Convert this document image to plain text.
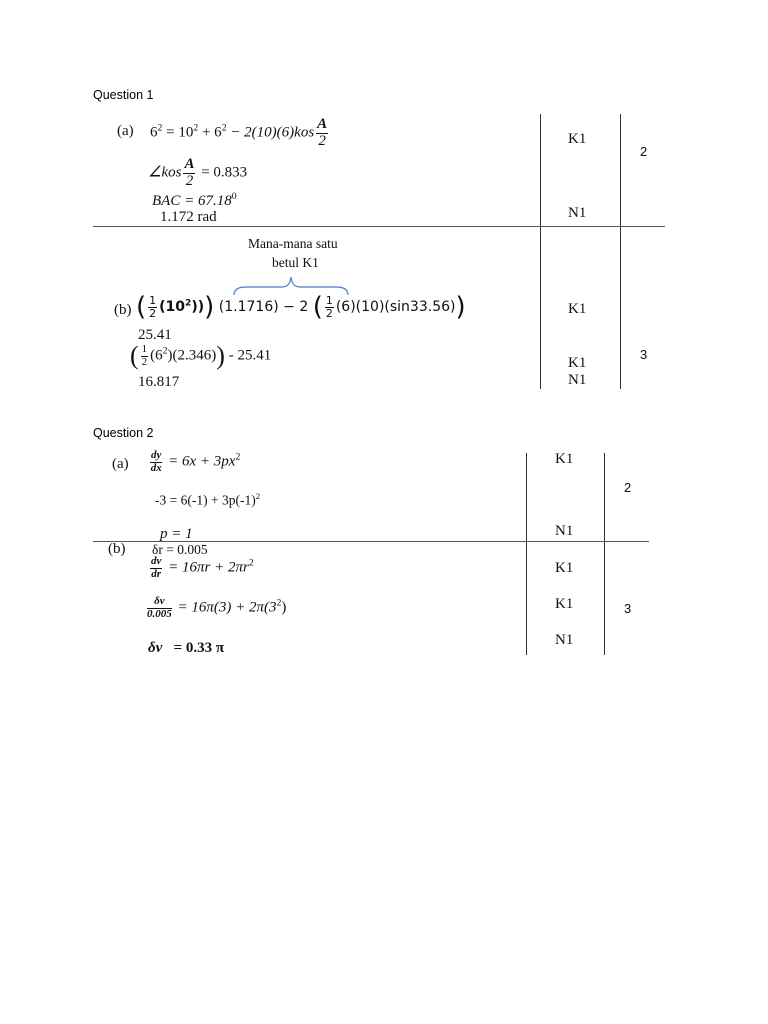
Question 1
(a) $6^2 = 10^2 + 6^2 - 2(10)(6)kos \frac{A}{2}$
∠kos $\frac{A}{2} = 0.833$
BAC = $67.18^0$
1.172 rad
K1
N1
2
Mana-mana satu
betul K1
(b) ( $\frac{1}{2} (10^2)$)) (1.1716) − 2 ( $\frac{1}{2} (6)(10)(\sin 33.56)$)
25.41
( $\frac{1}{2} (6^2)(2.346)) - 25.41$
16.817
K1
K1
N1
3
Question 2
$(a) \frac{dy}{dx} = 6x + 3px^2$
$-3 = 6(-1) + 3p(-1)^2$
p = 1
K1
N1
2
(b) δr = 0.005
$\frac{dv}{dr} = 16\pi r + 2\pi r^2$
$\frac{\delta v}{0.005} = 16\pi(3) + 2\pi(3^2)$
δv = 0.33 π
K1
K1
N1
3
